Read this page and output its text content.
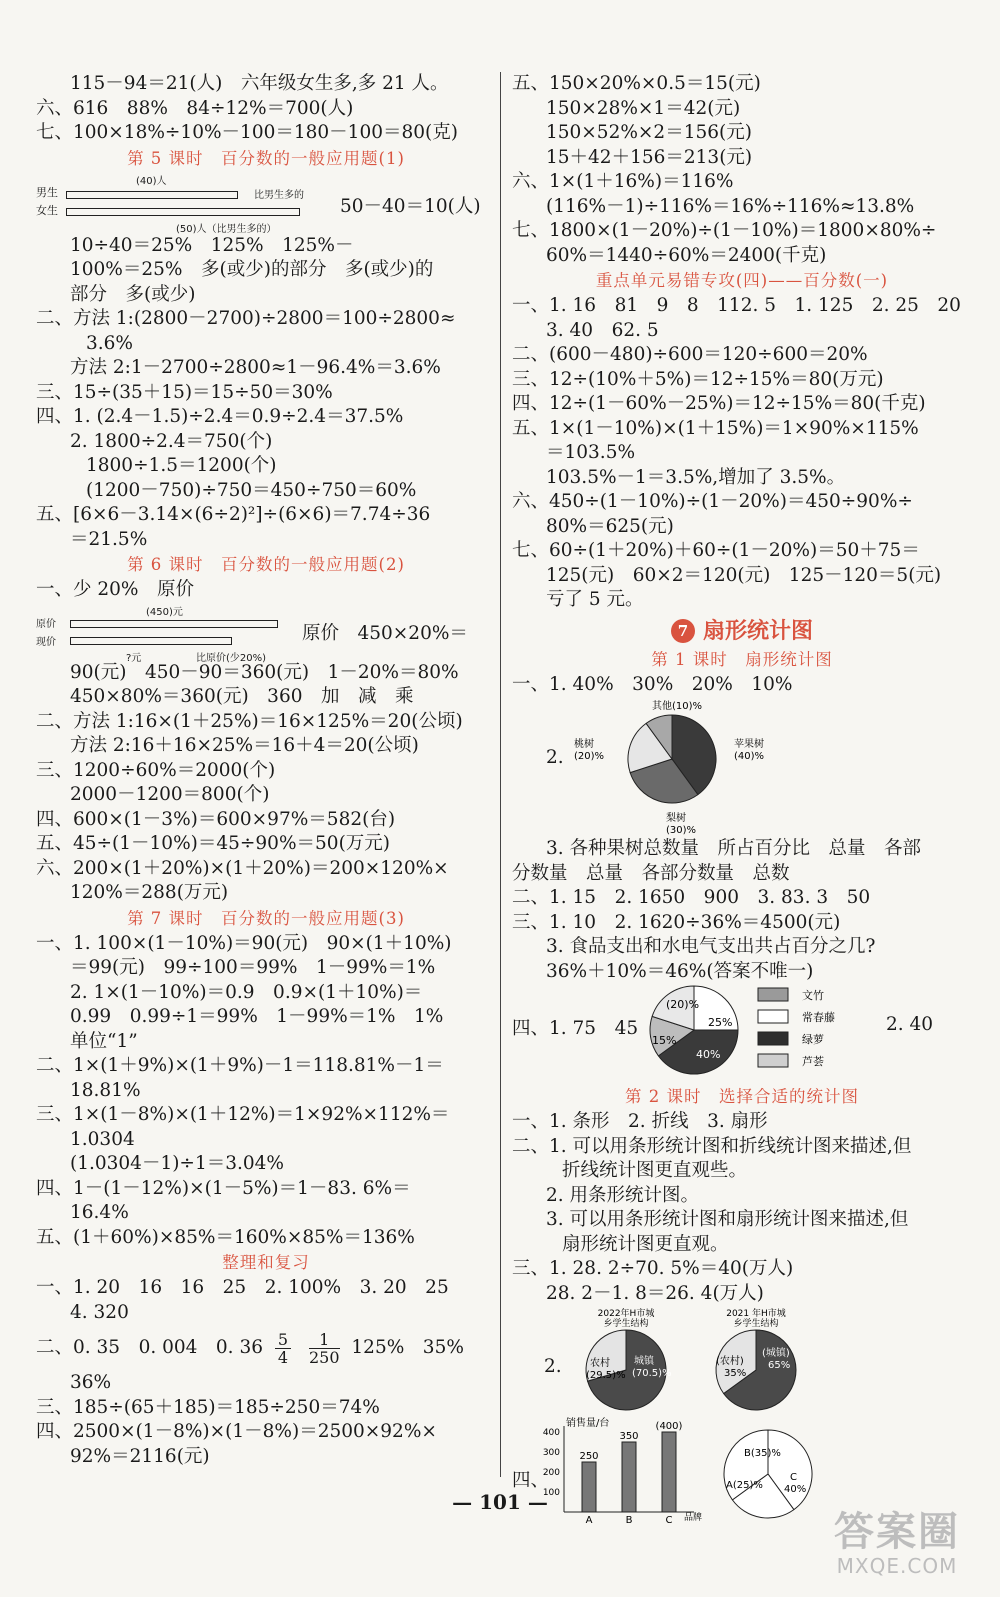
115－94＝21(人)　六年级女生多,多 21 人。
六、616　88%　84÷12%＝700(人)
七、100×18%÷10%－100＝180－100＝80(克)
第 5 课时　百分数的一般应用题(1)
(40)人
男生
女生
比男生多的
(50)人（比男生多的）
50－40＝10(人)
10÷40＝25%　125%　125%－
100%＝25%　多(或少)的部分　多(或少)的
部分　多(或少)
二、方法 1:(2800－2700)÷2800＝100÷2800≈
3.6%
方法 2:1－2700÷2800≈1－96.4%＝3.6%
三、15÷(35＋15)＝15÷50＝30%
四、1. (2.4－1.5)÷2.4＝0.9÷2.4＝37.5%
2. 1800÷2.4＝750(个)
1800÷1.5＝1200(个)
(1200－750)÷750＝450÷750＝60%
五、[6×6－3.14×(6÷2)²]÷(6×6)＝7.74÷36
＝21.5%
第 6 课时　百分数的一般应用题(2)
一、少 20%　原价
(450)元
原价
现价
?元	比原价(少20%)
原价　450×20%＝
90(元)　450－90＝360(元)　1－20%＝80%
450×80%＝360(元)　360　加　减　乘
二、方法 1:16×(1＋25%)＝16×125%＝20(公顷)
方法 2:16＋16×25%＝16＋4＝20(公顷)
三、1200÷60%＝2000(个)
2000－1200＝800(个)
四、600×(1－3%)＝600×97%＝582(台)
五、45÷(1－10%)＝45÷90%＝50(万元)
六、200×(1＋20%)×(1＋20%)＝200×120%×
120%＝288(万元)
第 7 课时　百分数的一般应用题(3)
一、1. 100×(1－10%)＝90(元)　90×(1＋10%)
＝99(元)　99÷100＝99%　1－99%＝1%
2. 1×(1－10%)＝0.9　0.9×(1＋10%)＝
0.99　0.99÷1＝99%　1－99%＝1%　1%
单位“1”
二、1×(1＋9%)×(1＋9%)－1＝118.81%－1＝
18.81%
三、1×(1－8%)×(1＋12%)＝1×92%×112%＝
1.0304
(1.0304－1)÷1＝3.04%
四、1－(1－12%)×(1－5%)＝1－83. 6%＝
16.4%
五、(1＋60%)×85%＝160%×85%＝136%
整理和复习
一、1. 20　16　16　25　2. 100%　3. 20　25
4. 320
二、0. 35　0. 004　0. $36 \frac{5}{4}$
$\frac{1}{250} 125\%$　35%
36%
三、185÷(65＋185)＝185÷250＝74%
四、2500×(1－8%)×(1－8%)＝2500×92%×
92%＝2116(元)
五、150×20%×0.5＝15(元)
150×28%×1＝42(元)
150×52%×2＝156(元)
15＋42＋156＝213(元)
六、1×(1＋16%)＝116%
(116%－1)÷116%＝16%÷116%≈13.8%
七、1800×(1－20%)÷(1－10%)＝1800×80%÷
60%＝1440÷60%＝2400(千克)
重点单元易错专攻(四)——百分数(一)
一、1. 16　81　9　8　112. 5　1. 125　2. 25　20
3. 40　62. 5
二、(600－480)÷600＝120÷600＝20%
三、12÷(10%＋5%)＝12÷15%＝80(万元)
四、12÷(1－60%－25%)＝12÷15%＝80(千克)
五、1×(1－10%)×(1＋15%)＝1×90%×115%
＝103.5%
103.5%－1＝3.5%,增加了 3.5%。
六、450÷(1－10%)÷(1－20%)＝450÷90%÷
80%＝625(元)
七、60÷(1＋20%)＋60÷(1－20%)＝50＋75＝
125(元)　60×2＝120(元)　125－120＝5(元)
亏了 5 元。
7 扇形统计图
第 1 课时　扇形统计图
一、1. 40%　30%　20%　10%
2.
其他(10)%
桃树
(20)%
苹果树
(40)%
梨树
(30)%
3. 各种果树总数量　所占百分比　总量　各部
分数量　总量　各部分数量　总数
二、1. 15　2. 1650　900　3. 83. 3　50
三、1. 10　2. 1620÷36%＝4500(元)
3. 食品支出和水电气支出共占百分之几?
36%＋10%＝46%(答案不唯一)
四、1. 75　45
(20)%
25%
15%
40%
文竹
常春藤
绿萝
芦荟
2. 40
第 2 课时　选择合适的统计图
一、1. 条形　2. 折线　3. 扇形
二、1. 可以用条形统计图和折线统计图来描述,但
折线统计图更直观些。
2. 用条形统计图。
3. 可以用条形统计图和扇形统计图来描述,但
扇形统计图更直观。
三、1. 28. 2÷70. 5%＝40(万人)
28. 2－1. 8＝26. 4(万人)
2.
2022年H市城
乡学生结构
2021 年H市城
乡学生结构
农村
(29.5)%
城镇
(70.5)%
(农村)
35%
(城镇)
65%
四、
销售量/台
400
300
200
100
250
A
350
B
(400)
C 品牌
B(35)%
A(25)%
C
40%
— 101 —
答案圈
MXQE.COM
